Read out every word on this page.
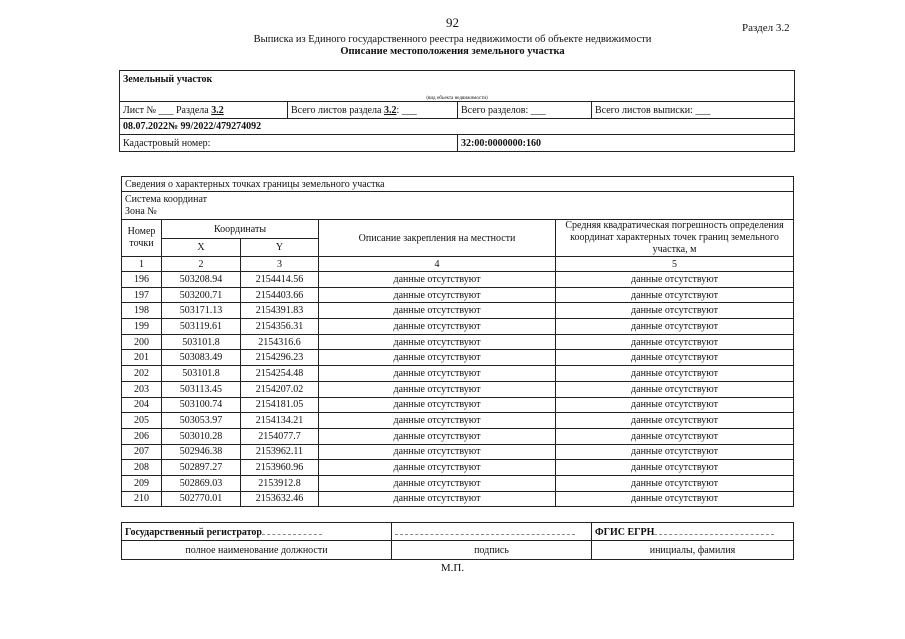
92	Раздел 3.2
Выписка из Единого государственного реестра недвижимости об объекте недвижимости
Описание местоположения земельного участка
Земельный участок			
(вид объекта недвижимости)			
Лист № ___ Раздела 3.2	Всего листов раздела 3.2: ___	Всего разделов: ___	Всего листов выписки: ___
08.07.2022№ 99/2022/479274092			
Кадастровый номер:		32:00:0000000:160	
Сведения о характерных точках границы земельного участка				

Система координат
Зона №				

Номер точки	Координаты		Описание закрепления на местности	Средняя квадратическая погрешность определения координат характерных точек границ земельного участка, м
	X	Y		
1	2	3	4	5
196	503208.94	2154414.56	данные отсутствуют	данные отсутствуют
197	503200.71	2154403.66	данные отсутствуют	данные отсутствуют
198	503171.13	2154391.83	данные отсутствуют	данные отсутствуют
199	503119.61	2154356.31	данные отсутствуют	данные отсутствуют
200	503101.8	2154316.6	данные отсутствуют	данные отсутствуют
201	503083.49	2154296.23	данные отсутствуют	данные отсутствуют
202	503101.8	2154254.48	данные отсутствуют	данные отсутствуют
203	503113.45	2154207.02	данные отсутствуют	данные отсутствуют
204	503100.74	2154181.05	данные отсутствуют	данные отсутствуют
205	503053.97	2154134.21	данные отсутствуют	данные отсутствуют
206	503010.28	2154077.7	данные отсутствуют	данные отсутствуют
207	502946.38	2153962.11	данные отсутствуют	данные отсутствуют
208	502897.27	2153960.96	данные отсутствуют	данные отсутствуют
209	502869.03	2153912.8	данные отсутствуют	данные отсутствуют
210	502770.01	2153632.46	данные отсутствуют	данные отсутствуют
Государственный регистратор		ФГИС ЕГРН
полное наименование должности	подпись	инициалы, фамилия
М.П.
